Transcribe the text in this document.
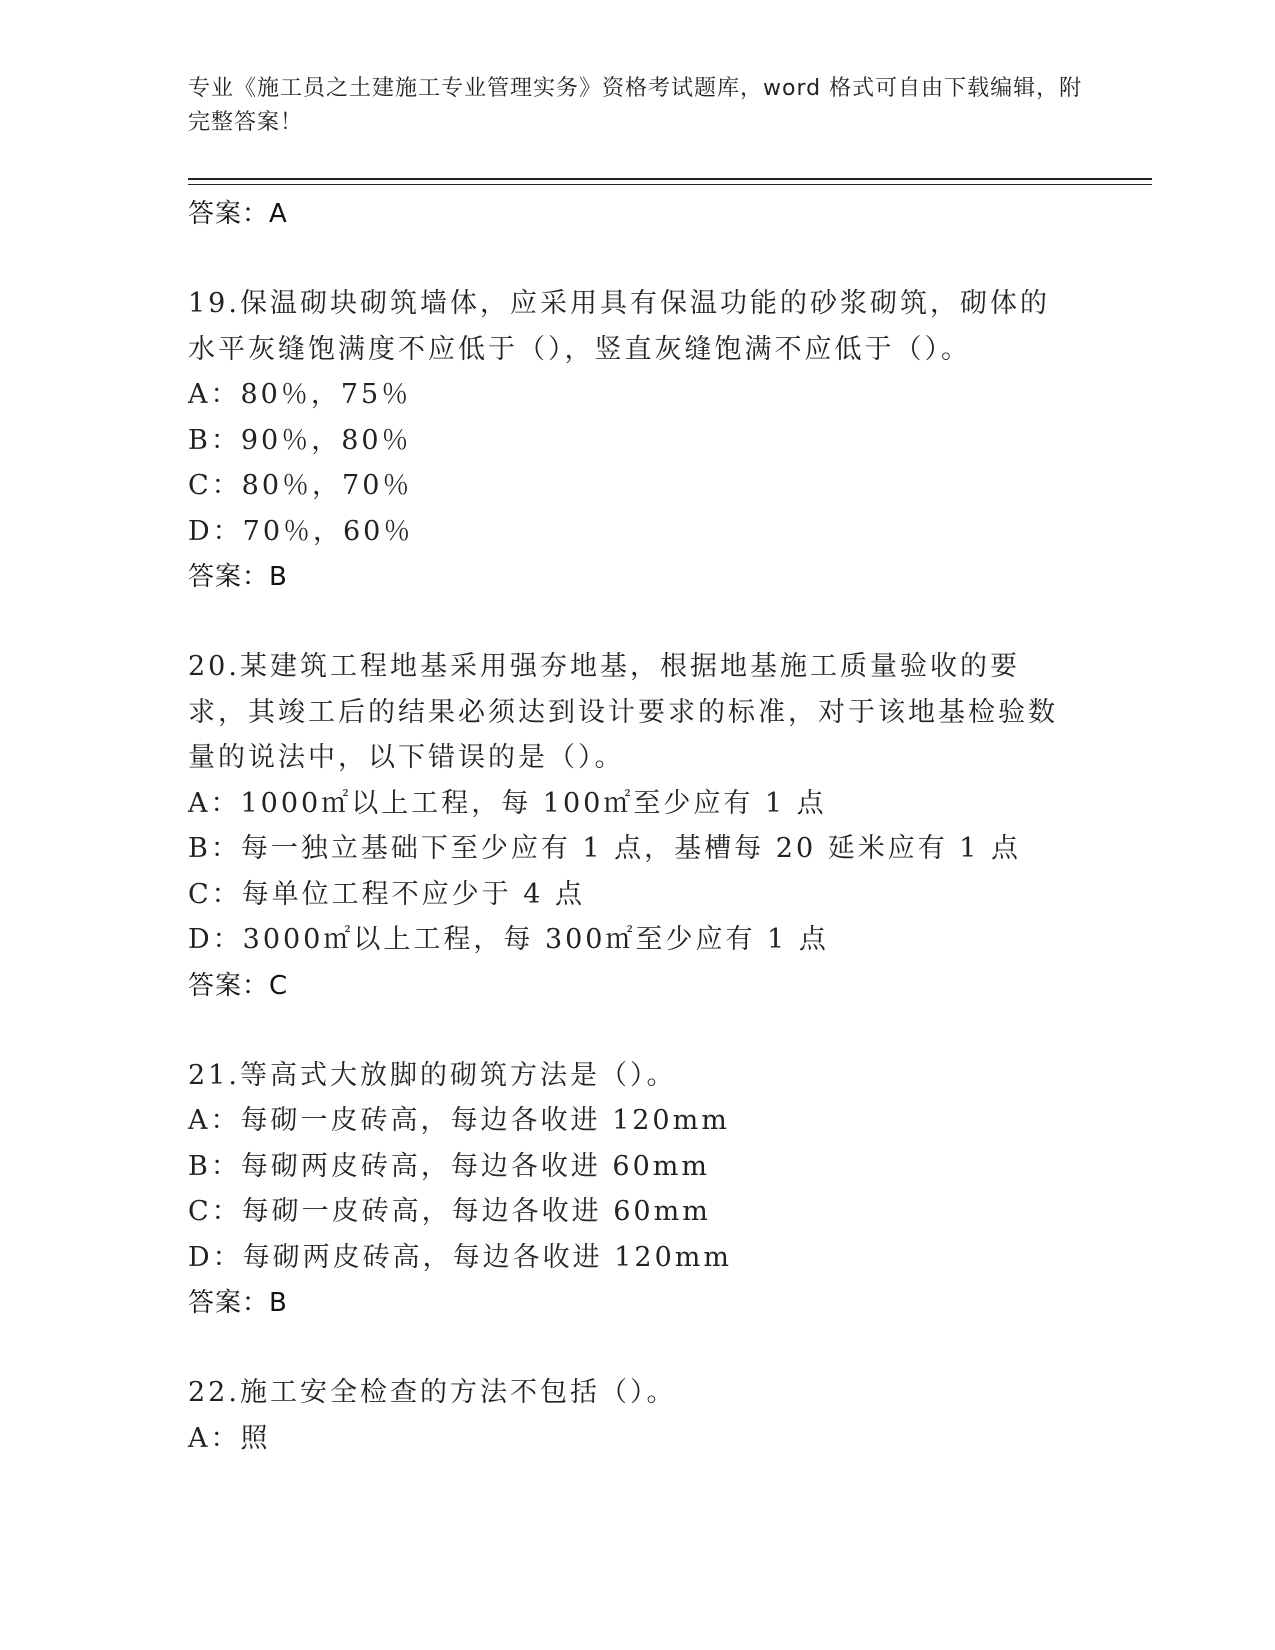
专业《施工员之土建施工专业管理实务》资格考试题库，word 格式可自由下载编辑，附完整答案！
答案：A
19.保温砌块砌筑墙体，应采用具有保温功能的砂浆砌筑，砌体的水平灰缝饱满度不应低于（），竖直灰缝饱满不应低于（）。
A：80％，75％
B：90％，80％
C：80％，70％
D：70％，60％
答案：B
20.某建筑工程地基采用强夯地基，根据地基施工质量验收的要求，其竣工后的结果必须达到设计要求的标准，对于该地基检验数量的说法中，以下错误的是（）。
A：1000㎡以上工程，每 100㎡至少应有 1 点
B：每一独立基础下至少应有 1 点，基槽每 20 延米应有 1 点
C：每单位工程不应少于 4 点
D：3000㎡以上工程，每 300㎡至少应有 1 点
答案：C
21.等高式大放脚的砌筑方法是（）。
A：每砌一皮砖高，每边各收进 120mm
B：每砌两皮砖高，每边各收进 60mm
C：每砌一皮砖高，每边各收进 60mm
D：每砌两皮砖高，每边各收进 120mm
答案：B
22.施工安全检查的方法不包括（）。
A：照
